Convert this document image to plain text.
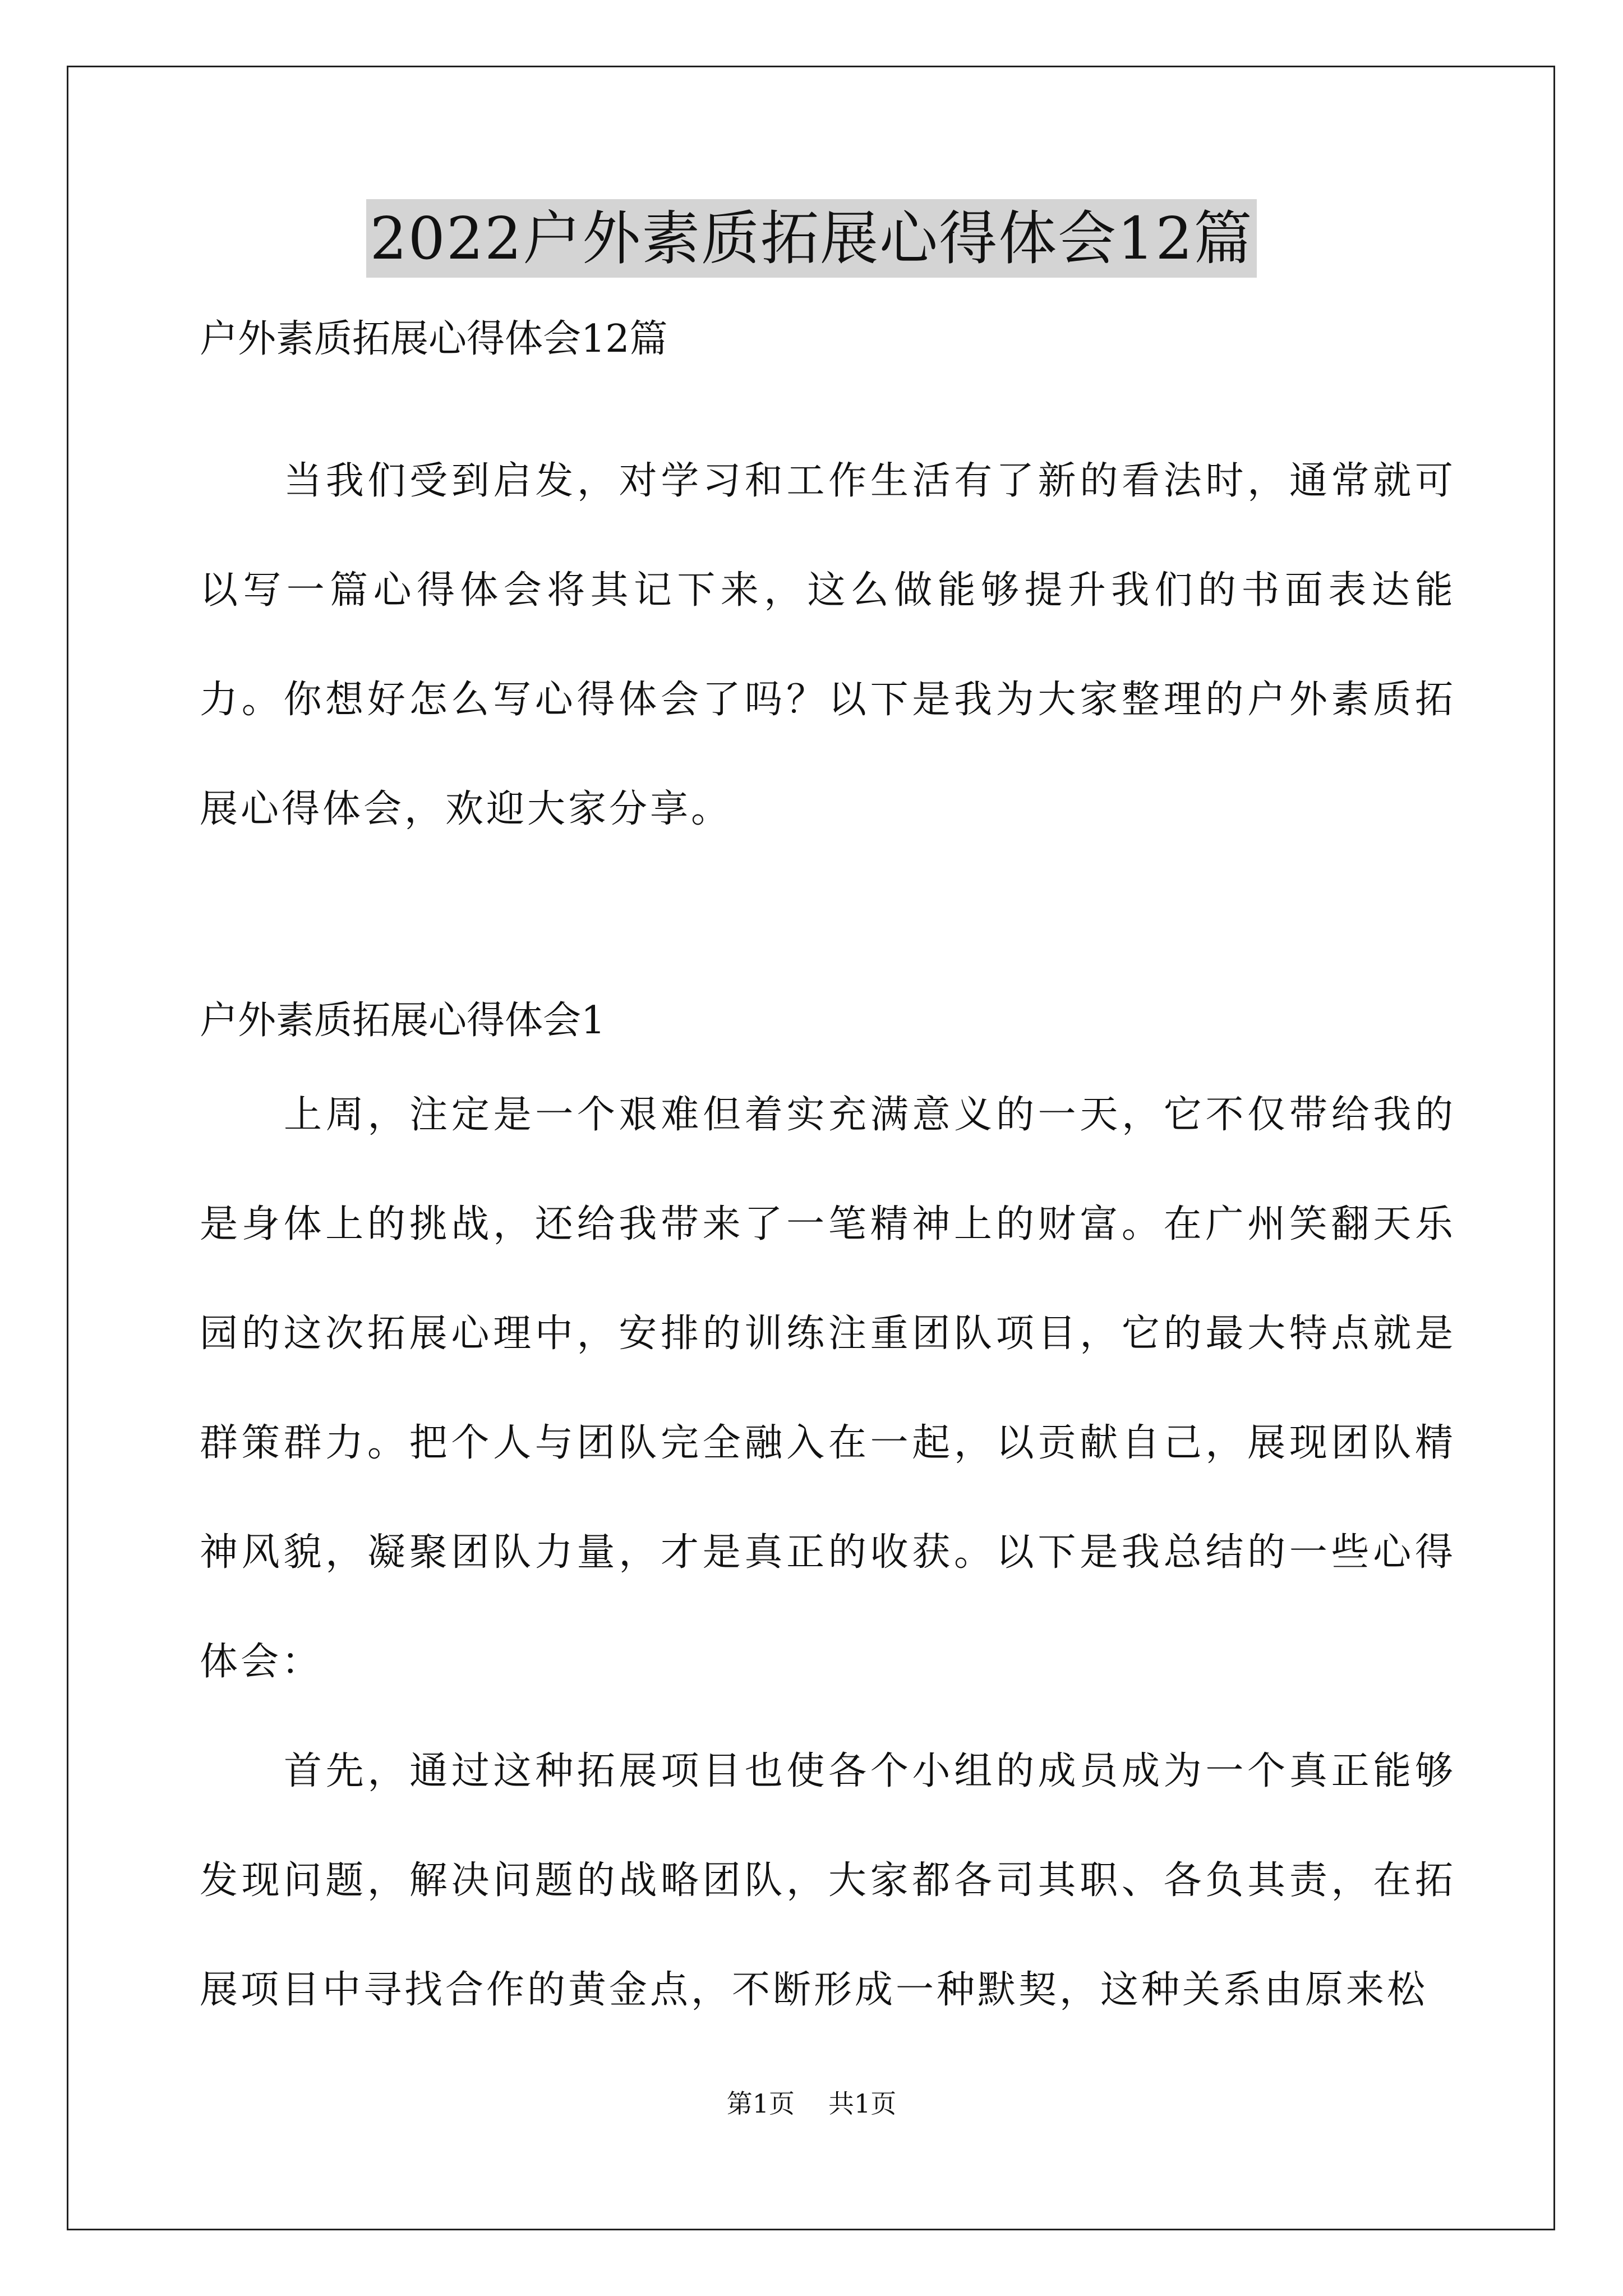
2022户外素质拓展心得体会12篇
户外素质拓展心得体会12篇

当我们受到启发，对学习和工作生活有了新的看法时，通常就可以写一篇心得体会将其记下来，这么做能够提升我们的书面表达能力。你想好怎么写心得体会了吗？以下是我为大家整理的户外素质拓展心得体会，欢迎大家分享。

户外素质拓展心得体会1

上周，注定是一个艰难但着实充满意义的一天，它不仅带给我的是身体上的挑战，还给我带来了一笔精神上的财富。在广州笑翻天乐园的这次拓展心理中，安排的训练注重团队项目，它的最大特点就是群策群力。把个人与团队完全融入在一起，以贡献自己，展现团队精神风貌，凝聚团队力量，才是真正的收获。以下是我总结的一些心得体会：

首先，通过这种拓展项目也使各个小组的成员成为一个真正能够发现问题，解决问题的战略团队，大家都各司其职、各负其责，在拓展项目中寻找合作的黄金点，不断形成一种默契，这种关系由原来松

第1页 共1页
